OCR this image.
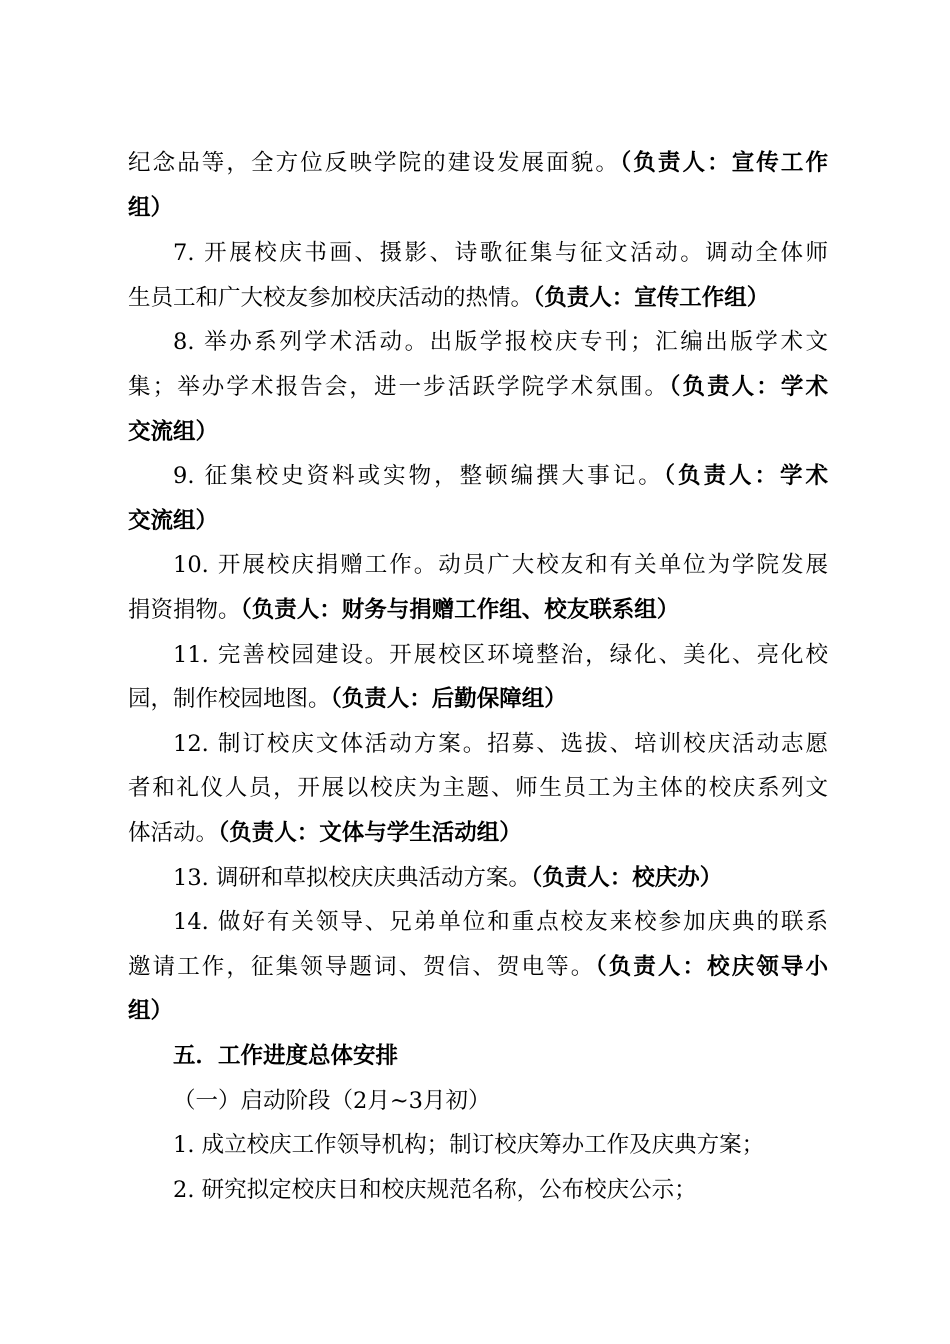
纪念品等，全方位反映学院的建设发展面貌。（负责人：宣传工作
组）
7. 开展校庆书画、摄影、诗歌征集与征文活动。调动全体师
生员工和广大校友参加校庆活动的热情。（负责人：宣传工作组）
8. 举办系列学术活动。出版学报校庆专刊；汇编出版学术文
集；举办学术报告会，进一步活跃学院学术氛围。（负责人：学术
交流组）
9. 征集校史资料或实物，整顿编撰大事记。（负责人：学术
交流组）
10. 开展校庆捐赠工作。动员广大校友和有关单位为学院发展
捐资捐物。（负责人：财务与捐赠工作组、校友联系组）
11. 完善校园建设。开展校区环境整治，绿化、美化、亮化校
园，制作校园地图。（负责人：后勤保障组）
12. 制订校庆文体活动方案。招募、选拔、培训校庆活动志愿
者和礼仪人员，开展以校庆为主题、师生员工为主体的校庆系列文
体活动。（负责人：文体与学生活动组）
13. 调研和草拟校庆庆典活动方案。（负责人：校庆办）
14. 做好有关领导、兄弟单位和重点校友来校参加庆典的联系
邀请工作，征集领导题词、贺信、贺电等。（负责人：校庆领导小
组）
五．工作进度总体安排
（一）启动阶段（2月~3月初）
1. 成立校庆工作领导机构；制订校庆筹办工作及庆典方案；
2. 研究拟定校庆日和校庆规范名称，公布校庆公示；
